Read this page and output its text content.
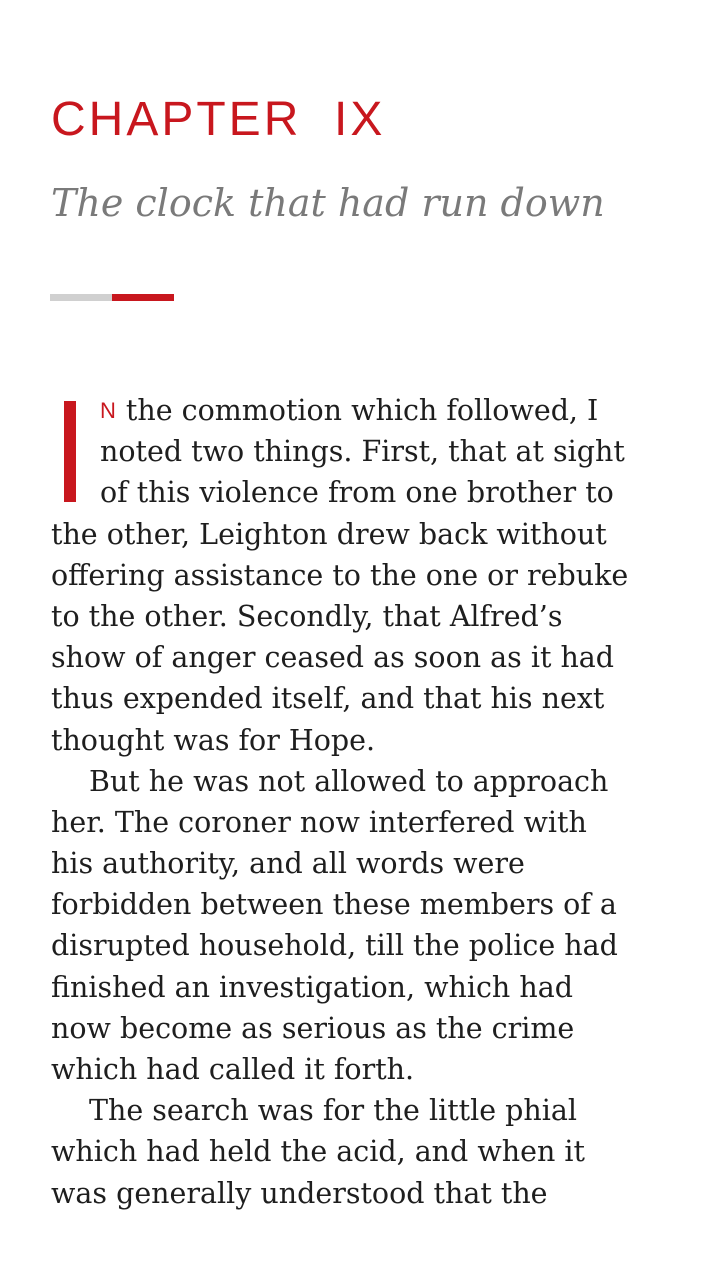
CHAPTER  IX
The clock that had run down
N the commotion which followed, I
noted two things. First, that at sight
of this violence from one brother to
the other, Leighton drew back without
offering assistance to the one or rebuke
to the other. Secondly, that Alfred’s
show of anger ceased as soon as it had
thus expended itself, and that his next
thought was for Hope.
But he was not allowed to approach
her. The coroner now interfered with
his authority, and all words were
forbidden between these members of a
disrupted household, till the police had
finished an investigation, which had
now become as serious as the crime
which had called it forth.
The search was for the little phial
which had held the acid, and when it
was generally understood that the
